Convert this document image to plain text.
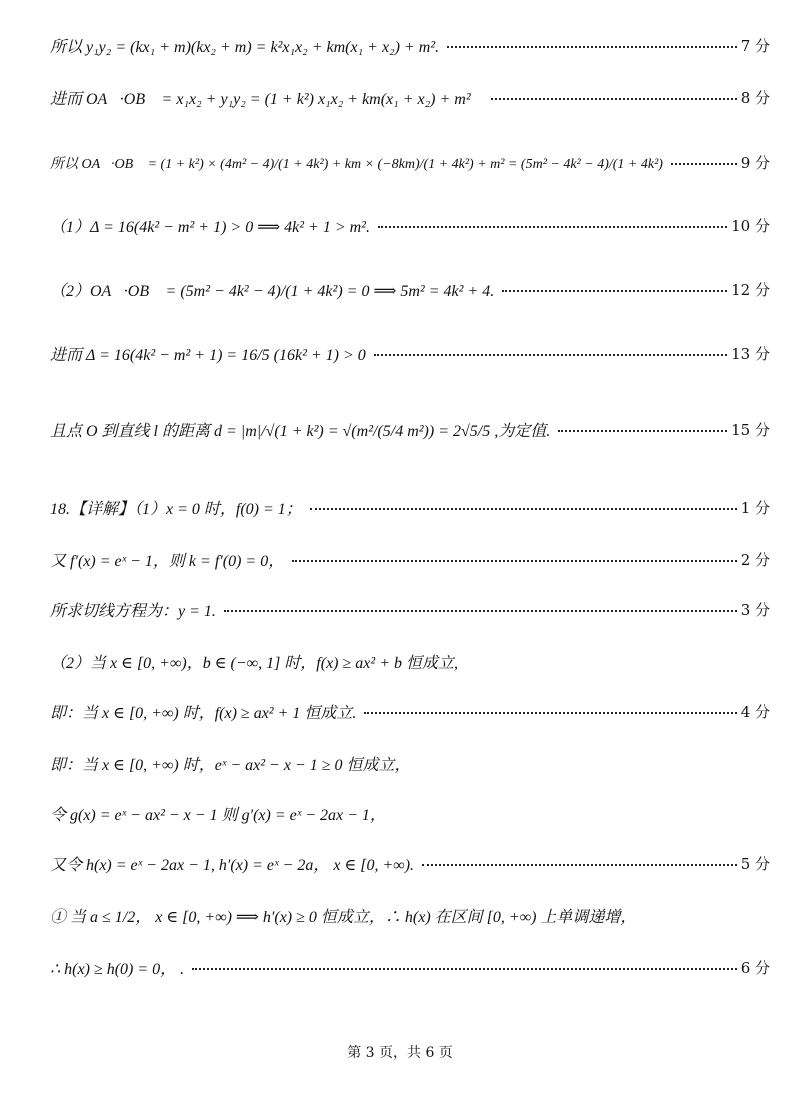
所以 y₁y₂ = (kx₁ + m)(kx₂ + m) = k²x₁x₂ + km(x₁ + x₂) + m².	7 分
进而 OA⃗·OB⃗ = x₁x₂ + y₁y₂ = (1 + k²) x₁x₂ + km(x₁ + x₂) + m²，	8 分
所以 OA⃗·OB⃗ = (1 + k²) × (4m² − 4)/(1 + 4k²) + km × (−8km)/(1 + 4k²) + m² = (5m² − 4k² − 4)/(1 + 4k²)	9 分
（1）Δ = 16(4k² − m² + 1) > 0 ⟹ 4k² + 1 > m².	10 分
（2）OA⃗·OB⃗ = (5m² − 4k² − 4)/(1 + 4k²) = 0 ⟹ 5m² = 4k² + 4.	12 分
进而 Δ = 16(4k² − m² + 1) = 16/5 (16k² + 1) > 0	13 分
且点 O 到直线 l 的距离 d = |m|/√(1 + k²) = √(m²/(5/4 m²)) = 2√5/5 ,为定值.	15 分
18.【详解】（1）x = 0 时，f(0) = 1；	1 分
又 f′(x) = eˣ − 1，则 k = f′(0) = 0，	2 分
所求切线方程为：y = 1.	3 分
（2）当 x ∈ [0, +∞)，b ∈ (−∞, 1] 时，f(x) ≥ ax² + b 恒成立,
即：当 x ∈ [0, +∞) 时，f(x) ≥ ax² + 1 恒成立.	4 分
即：当 x ∈ [0, +∞) 时，eˣ − ax² − x − 1 ≥ 0 恒成立，
令 g(x) = eˣ − ax² − x − 1 则 g′(x) = eˣ − 2ax − 1，
又令 h(x) = eˣ − 2ax − 1, h′(x) = eˣ − 2a， x ∈ [0, +∞).	5 分
① 当 a ≤ 1/2， x ∈ [0, +∞) ⟹ h′(x) ≥ 0 恒成立，∴ h(x) 在区间 [0, +∞) 上单调递增，
∴ h(x) ≥ h(0) = 0， .	6 分
第 3 页，共 6 页
